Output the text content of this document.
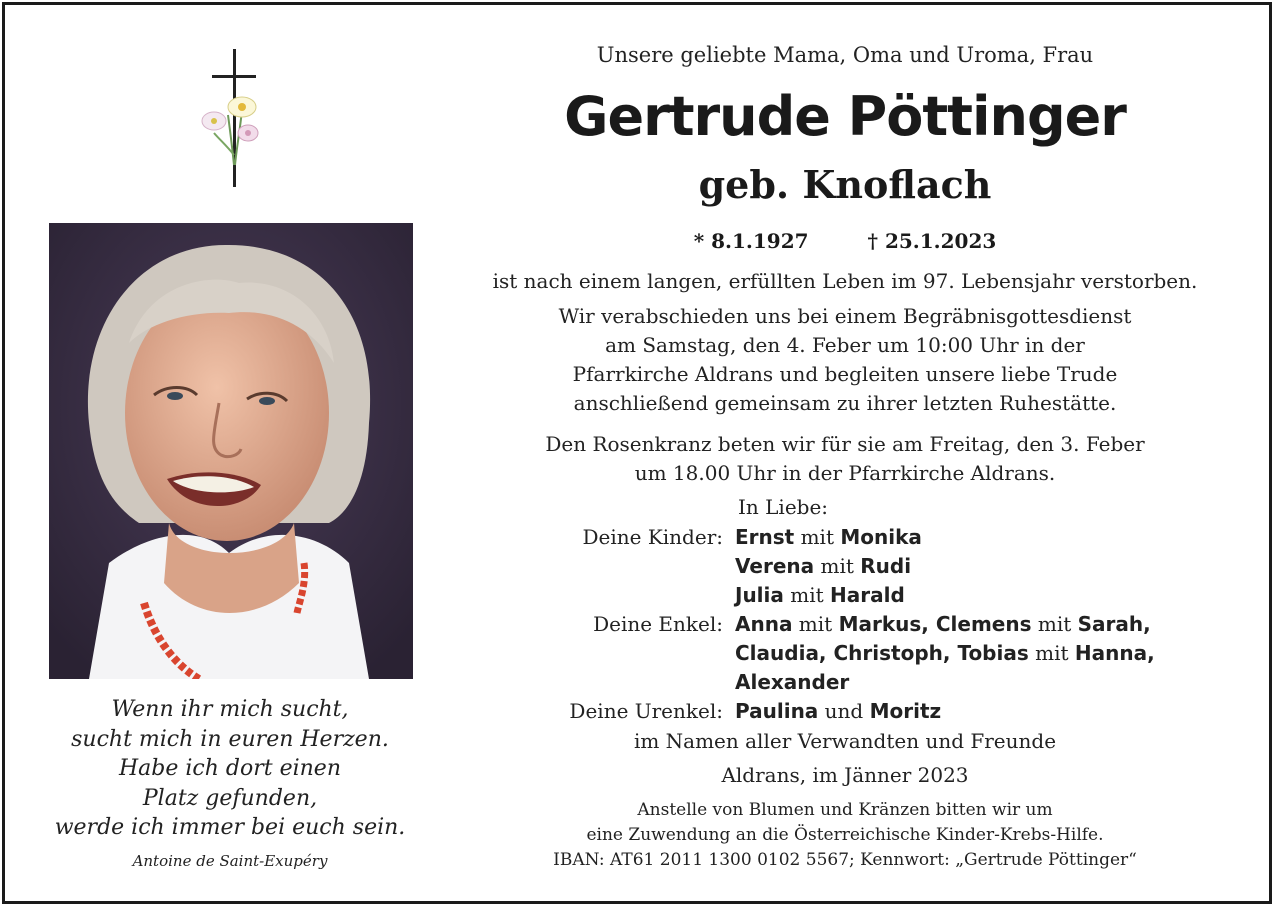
Wenn ihr mich sucht,
sucht mich in euren Herzen.
Habe ich dort einen
Platz gefunden,
werde ich immer bei euch sein.
Antoine de Saint-Exupéry
Unsere geliebte Mama, Oma und Uroma, Frau
Gertrude Pöttinger
geb. Knoflach
* 8.1.1927	† 25.1.2023
ist nach einem langen, erfüllten Leben im 97. Lebensjahr verstorben.
Wir verabschieden uns bei einem Begräbnisgottesdienst
am Samstag, den 4. Feber um 10:00 Uhr in der
Pfarrkirche Aldrans und begleiten unsere liebe Trude
anschließend gemeinsam zu ihrer letzten Ruhestätte.
Den Rosenkranz beten wir für sie am Freitag, den 3. Feber
um 18.00 Uhr in der Pfarrkirche Aldrans.
In Liebe:
Deine Kinder: Ernst mit Monika
Verena mit Rudi
Julia mit Harald
Deine Enkel: Anna mit Markus, Clemens mit Sarah,
Claudia, Christoph, Tobias mit Hanna,
Alexander
Deine Urenkel: Paulina und Moritz
im Namen aller Verwandten und Freunde
Aldrans, im Jänner 2023
Anstelle von Blumen und Kränzen bitten wir um
eine Zuwendung an die Österreichische Kinder-Krebs-Hilfe.
IBAN: AT61 2011 1300 0102 5567; Kennwort: „Gertrude Pöttinger“
